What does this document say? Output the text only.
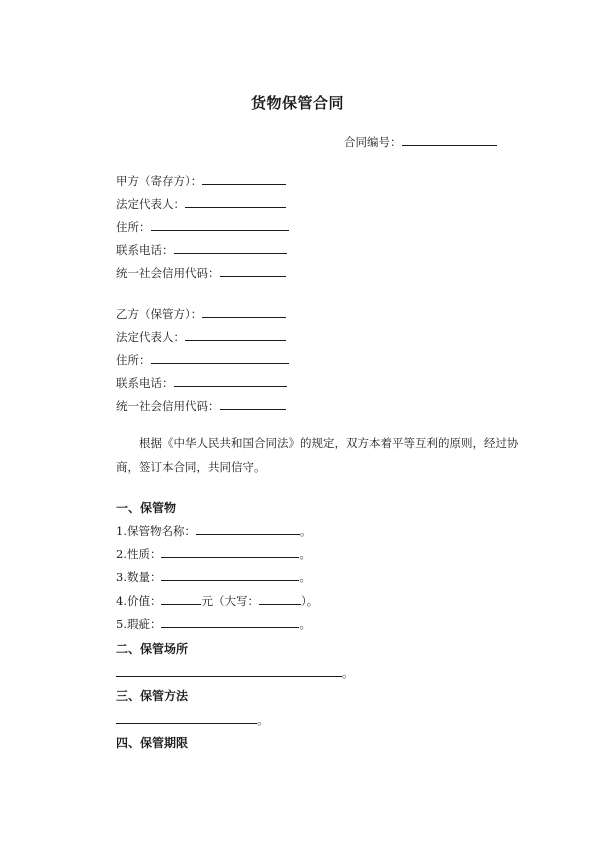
货物保管合同
合同编号：
甲方（寄存方）：
法定代表人：
住所：
联系电话：
统一社会信用代码：
乙方（保管方）：
法定代表人：
住所：
联系电话：
统一社会信用代码：
根据《中华人民共和国合同法》的规定，双方本着平等互利的原则，经过协
商，签订本合同，共同信守。
一、保管物
1.保管物名称：	。
2.性质：	。
3.数量：	。
4.价值：	元（大写：	）。
5.瑕疵：	。
二、保管场所
。
三、保管方法
。
四、保管期限
